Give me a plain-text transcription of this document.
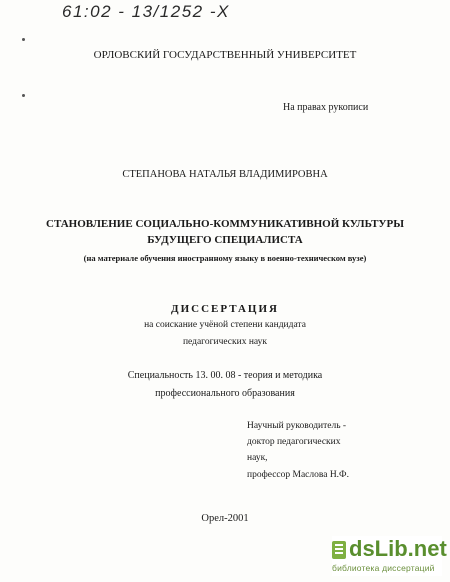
61:02 - 13/1252 -X
ОРЛОВСКИЙ ГОСУДАРСТВЕННЫЙ УНИВЕРСИТЕТ
На правах рукописи
СТЕПАНОВА НАТАЛЬЯ ВЛАДИМИРОВНА
СТАНОВЛЕНИЕ СОЦИАЛЬНО-КОММУНИКАТИВНОЙ КУЛЬТУРЫ
БУДУЩЕГО СПЕЦИАЛИСТА
(на материале обучения иностранному языку в военно-техническом вузе)
ДИССЕРТАЦИЯ
на соискание учёной степени кандидата
педагогических наук
Специальность 13. 00. 08 - теория и методика
профессионального образования
Научный руководитель -
доктор педагогических
наук,
профессор Маслова Н.Ф.
Орел-2001
dsLib.net
библиотека диссертаций
